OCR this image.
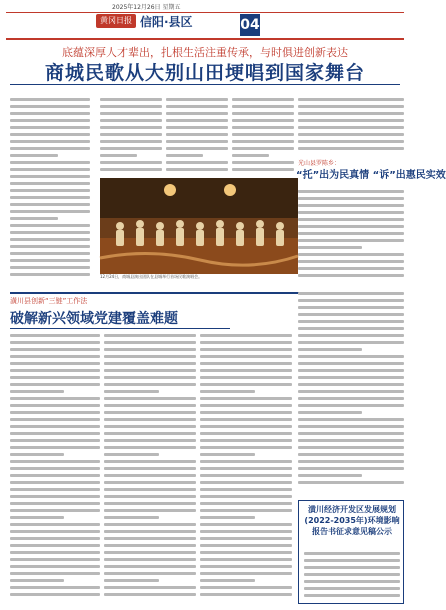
2025年12月26日 星期五
黄冈日报 信阳·县区	04
底蕴深厚人才辈出，扎根生活注重传承，与时俱进创新表达
商城民歌从大别山田埂唱到国家舞台
12月24日，商城县演出团队在县城举行首场民歌演唱会。
光山县罗陈乡：
“托”出为民真情 “诉”出惠民实效
潢川县创新“三链”工作法
破解新兴领域党建覆盖难题
潢川经济开发区发展规划(2022-2035年)环境影响报告书征求意见稿公示
